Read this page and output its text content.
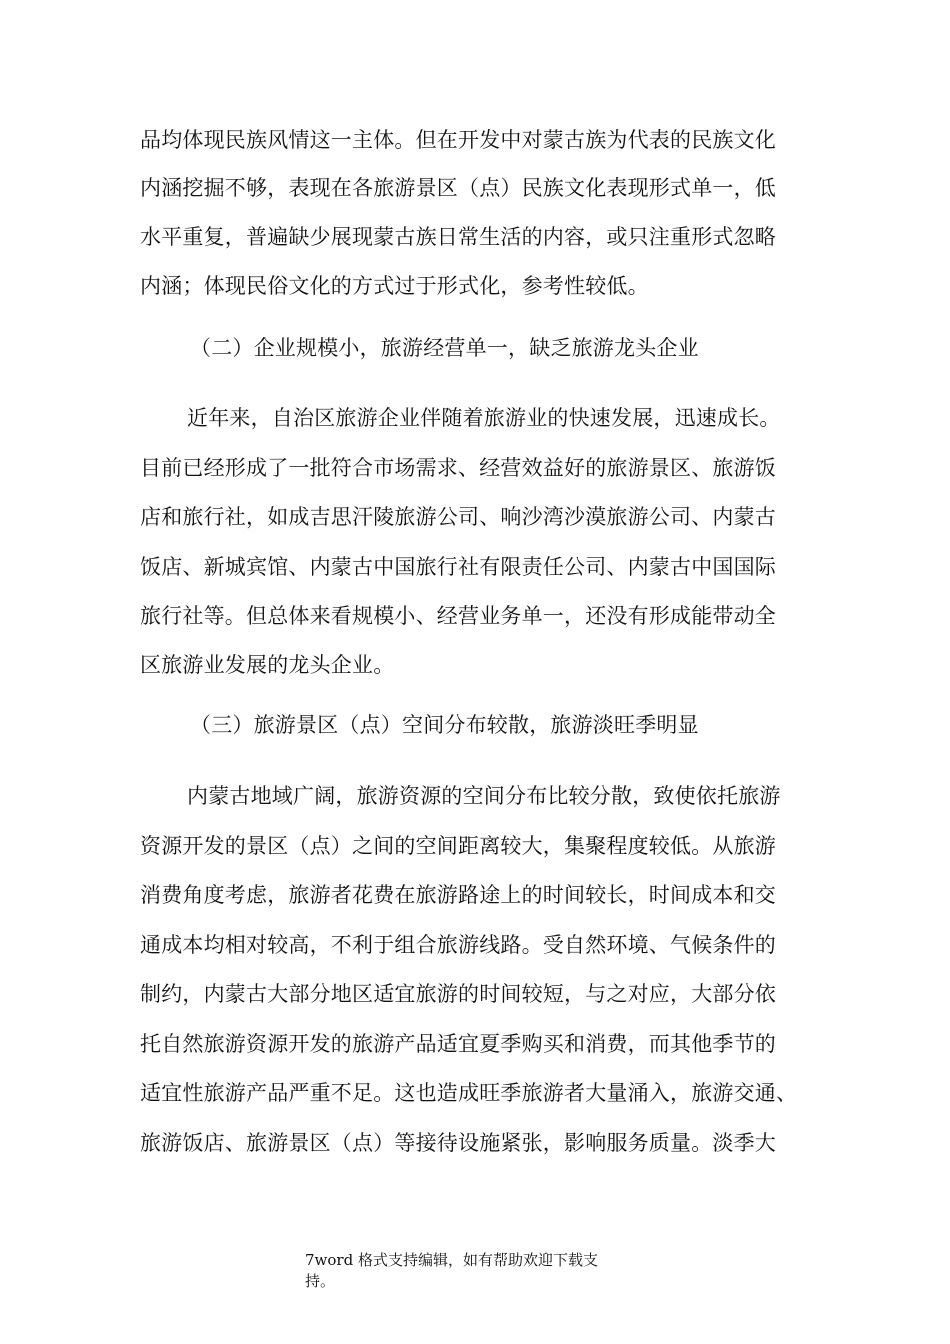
品均体现民族风情这一主体。但在开发中对蒙古族为代表的民族文化
内涵挖掘不够，表现在各旅游景区（点）民族文化表现形式单一，低
水平重复，普遍缺少展现蒙古族日常生活的内容，或只注重形式忽略
内涵；体现民俗文化的方式过于形式化，参考性较低。
（二）企业规模小，旅游经营单一，缺乏旅游龙头企业
近年来，自治区旅游企业伴随着旅游业的快速发展，迅速成长。
目前已经形成了一批符合市场需求、经营效益好的旅游景区、旅游饭
店和旅行社，如成吉思汗陵旅游公司、响沙湾沙漠旅游公司、内蒙古
饭店、新城宾馆、内蒙古中国旅行社有限责任公司、内蒙古中国国际
旅行社等。但总体来看规模小、经营业务单一，还没有形成能带动全
区旅游业发展的龙头企业。
（三）旅游景区（点）空间分布较散，旅游淡旺季明显
内蒙古地域广阔，旅游资源的空间分布比较分散，致使依托旅游
资源开发的景区（点）之间的空间距离较大，集聚程度较低。从旅游
消费角度考虑，旅游者花费在旅游路途上的时间较长，时间成本和交
通成本均相对较高，不利于组合旅游线路。受自然环境、气候条件的
制约，内蒙古大部分地区适宜旅游的时间较短，与之对应，大部分依
托自然旅游资源开发的旅游产品适宜夏季购买和消费，而其他季节的
适宜性旅游产品严重不足。这也造成旺季旅游者大量涌入，旅游交通、
旅游饭店、旅游景区（点）等接待设施紧张，影响服务质量。淡季大
7word 格式支持编辑，如有帮助欢迎下载支
持。
